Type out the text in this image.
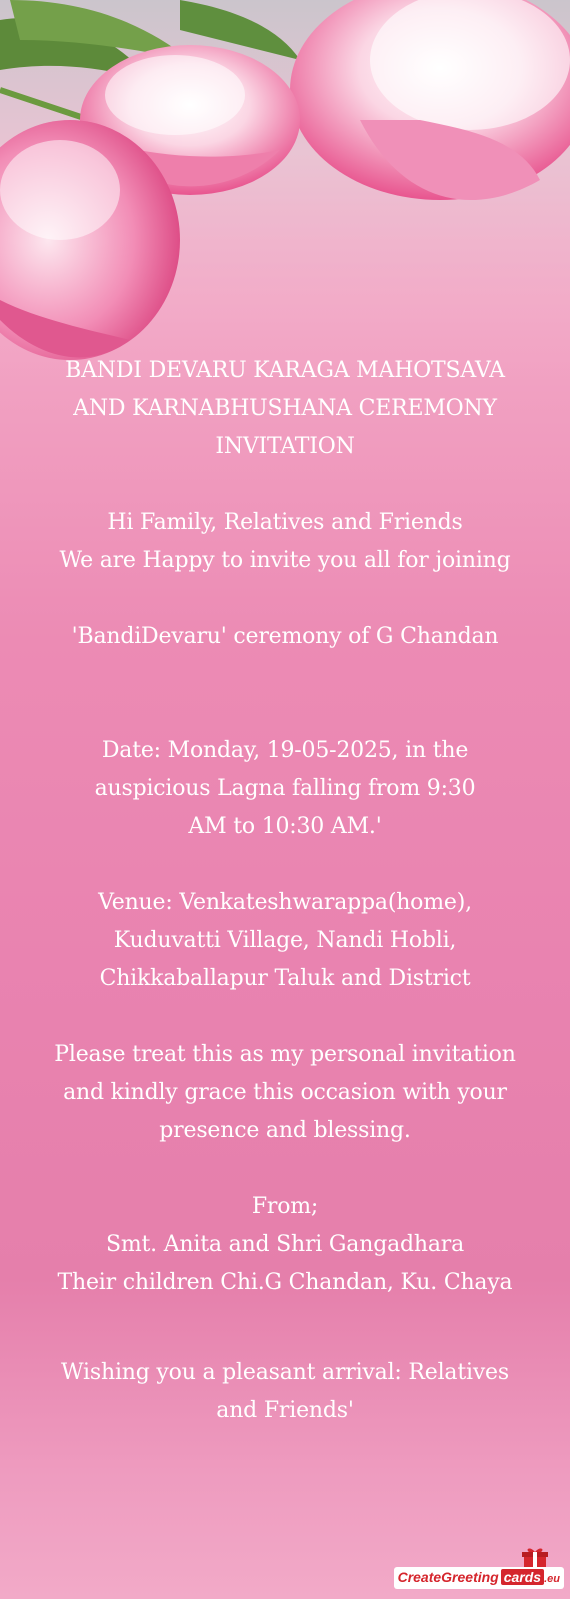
BANDI DEVARU KARAGA MAHOTSAVA

AND KARNABHUSHANA CEREMONY

INVITATION

Hi Family, Relatives and Friends

We are Happy to invite you all for joining

'BandiDevaru' ceremony of G Chandan

Date: Monday, 19-05-2025, in the

auspicious Lagna falling from 9:30

AM to 10:30 AM.'

Venue: Venkateshwarappa(home),

Kuduvatti Village, Nandi Hobli,

Chikkaballapur Taluk and District

Please treat this as my personal invitation

and kindly grace this occasion with your

presence and blessing.

From;

Smt. Anita and Shri Gangadhara

Their children Chi.G Chandan, Ku. Chaya

Wishing you a pleasant arrival: Relatives

and Friends'

CreateGreeting cards .eu
